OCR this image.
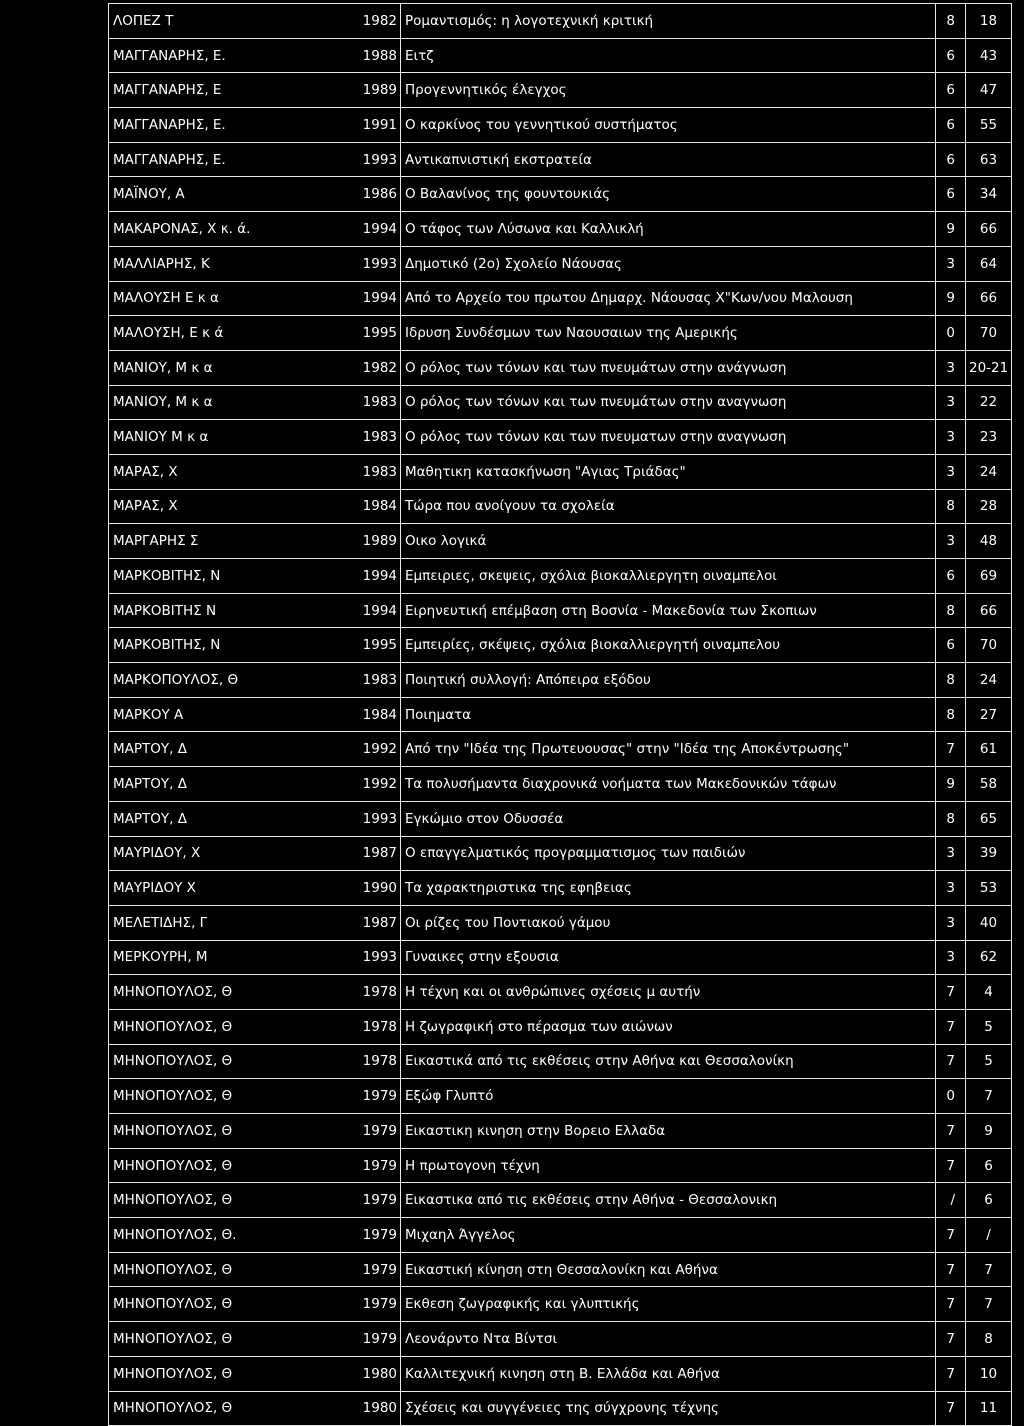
ΛΟΠΕΖ Τ	1982	Ρομαντισμός: η λογοτεχνική κριτική	8	18
ΜΑΓΓΑΝΑΡΗΣ, Ε.	1988	Ειτζ	6	43
ΜΑΓΓΑΝΑΡΗΣ, Ε	1989	Προγεννητικός έλεγχος	6	47
ΜΑΓΓΑΝΑΡΗΣ, Ε.	1991	Ο καρκίνος του γεννητικού συστήματος	6	55
ΜΑΓΓΑΝΑΡΗΣ, Ε.	1993	Αντικαπνιστική εκστρατεία	6	63
ΜΑΪΝΟΥ, Α	1986	Ο Βαλανίνος της φουντουκιάς	6	34
ΜΑΚΑΡΟΝΑΣ, Χ κ. ά.	1994	Ο τάφος των Λύσωνα και Καλλικλή	9	66
ΜΑΛΛΙΑΡΗΣ, Κ	1993	Δημοτικό (2ο) Σχολείο Νάουσας	3	64
ΜΑΛΟΥΣΗ Ε κ α	1994	Από το Αρχείο του πρωτου Δημαρχ. Νάουσας Χ"Κων/νου Μαλουση	9	66
ΜΑΛΟΥΣΗ, Ε κ ά	1995	Ιδρυση Συνδέσμων των Ναουσαιων της Αμερικής	0	70
ΜΑΝΙΟΥ, Μ κ α	1982	Ο ρόλος των τόνων και των πνευμάτων στην ανάγνωση	3	20-21
ΜΑΝΙΟΥ, Μ κ α	1983	Ο ρόλος των τόνων και των πνευμάτων στην αναγνωση	3	22
ΜΑΝΙΟΥ Μ κ α	1983	Ο ρόλος των τόνων και των πνευματων στην αναγνωση	3	23
ΜΑΡΑΣ, Χ	1983	Μαθητικη κατασκήνωση "Αγιας Τριάδας"	3	24
ΜΑΡΑΣ, Χ	1984	Τώρα που ανοίγουν τα σχολεία	8	28
ΜΑΡΓΑΡΗΣ Σ	1989	Οικο λογικά	3	48
ΜΑΡΚΟΒΙΤΗΣ, Ν	1994	Εμπειριες, σκεψεις, σχόλια βιοκαλλιεργητη οιναμπελοι	6	69
ΜΑΡΚΟΒΙΤΗΣ Ν	1994	Ειρηνευτική επέμβαση στη Βοσνία - Μακεδονία των Σκοπιων	8	66
ΜΑΡΚΟΒΙΤΗΣ, Ν	1995	Εμπειρίες, σκέψεις, σχόλια βιοκαλλιεργητή οιναμπελου	6	70
ΜΑΡΚΟΠΟΥΛΟΣ, Θ	1983	Ποιητική συλλογή: Απόπειρα εξόδου	8	24
ΜΑΡΚΟΥ Α	1984	Ποιηματα	8	27
ΜΑΡΤΟΥ, Δ	1992	Από την "Ιδέα της Πρωτευουσας" στην "Ιδέα της Αποκέντρωσης"	7	61
ΜΑΡΤΟΥ, Δ	1992	Τα πολυσήμαντα διαχρονικά νοήματα των Μακεδονικών τάφων	9	58
ΜΑΡΤΟΥ, Δ	1993	Εγκώμιο στον Οδυσσέα	8	65
ΜΑΥΡΙΔΟΥ, Χ	1987	Ο επαγγελματικός προγραμματισμος των παιδιών	3	39
ΜΑΥΡΙΔΟΥ Χ	1990	Τα χαρακτηριστικα της εφηβειας	3	53
ΜΕΛΕΤΙΔΗΣ, Γ	1987	Οι ρίζες του Ποντιακού γάμου	3	40
ΜΕΡΚΟΥΡΗ, Μ	1993	Γυναικες στην εξουσια	3	62
ΜΗΝΟΠΟΥΛΟΣ, Θ	1978	Η τέχνη και οι ανθρώπινες σχέσεις μ αυτήν	7	4
ΜΗΝΟΠΟΥΛΟΣ, Θ	1978	Η ζωγραφική στο πέρασμα των αιώνων	7	5
ΜΗΝΟΠΟΥΛΟΣ, Θ	1978	Εικαστικά από τις εκθέσεις στην Αθήνα και Θεσσαλονίκη	7	5
ΜΗΝΟΠΟΥΛΟΣ, Θ	1979	Εξώφ Γλυπτό	0	7
ΜΗΝΟΠΟΥΛΟΣ, Θ	1979	Εικαστικη κινηση στην Βορειο Ελλαδα	7	9
ΜΗΝΟΠΟΥΛΟΣ, Θ	1979	Η πρωτογονη τέχνη	7	6
ΜΗΝΟΠΟΥΛΟΣ, Θ	1979	Εικαστικα από τις εκθέσεις στην Αθήνα - Θεσσαλονικη	/	6
ΜΗΝΟΠΟΥΛΟΣ, Θ.	1979	Μιχαηλ Άγγελος	7	/
ΜΗΝΟΠΟΥΛΟΣ, Θ	1979	Εικαστική κίνηση στη Θεσσαλονίκη και Αθήνα	7	7
ΜΗΝΟΠΟΥΛΟΣ, Θ	1979	Εκθεση ζωγραφικής και γλυπτικής	7	7
ΜΗΝΟΠΟΥΛΟΣ, Θ	1979	Λεονάρντο Ντα Βίντσι	7	8
ΜΗΝΟΠΟΥΛΟΣ, Θ	1980	Καλλιτεχνική κινηση στη Β. Ελλάδα και Αθήνα	7	10
ΜΗΝΟΠΟΥΛΟΣ, Θ	1980	Σχέσεις και συγγένειες της σύγχρονης τέχνης	7	11
